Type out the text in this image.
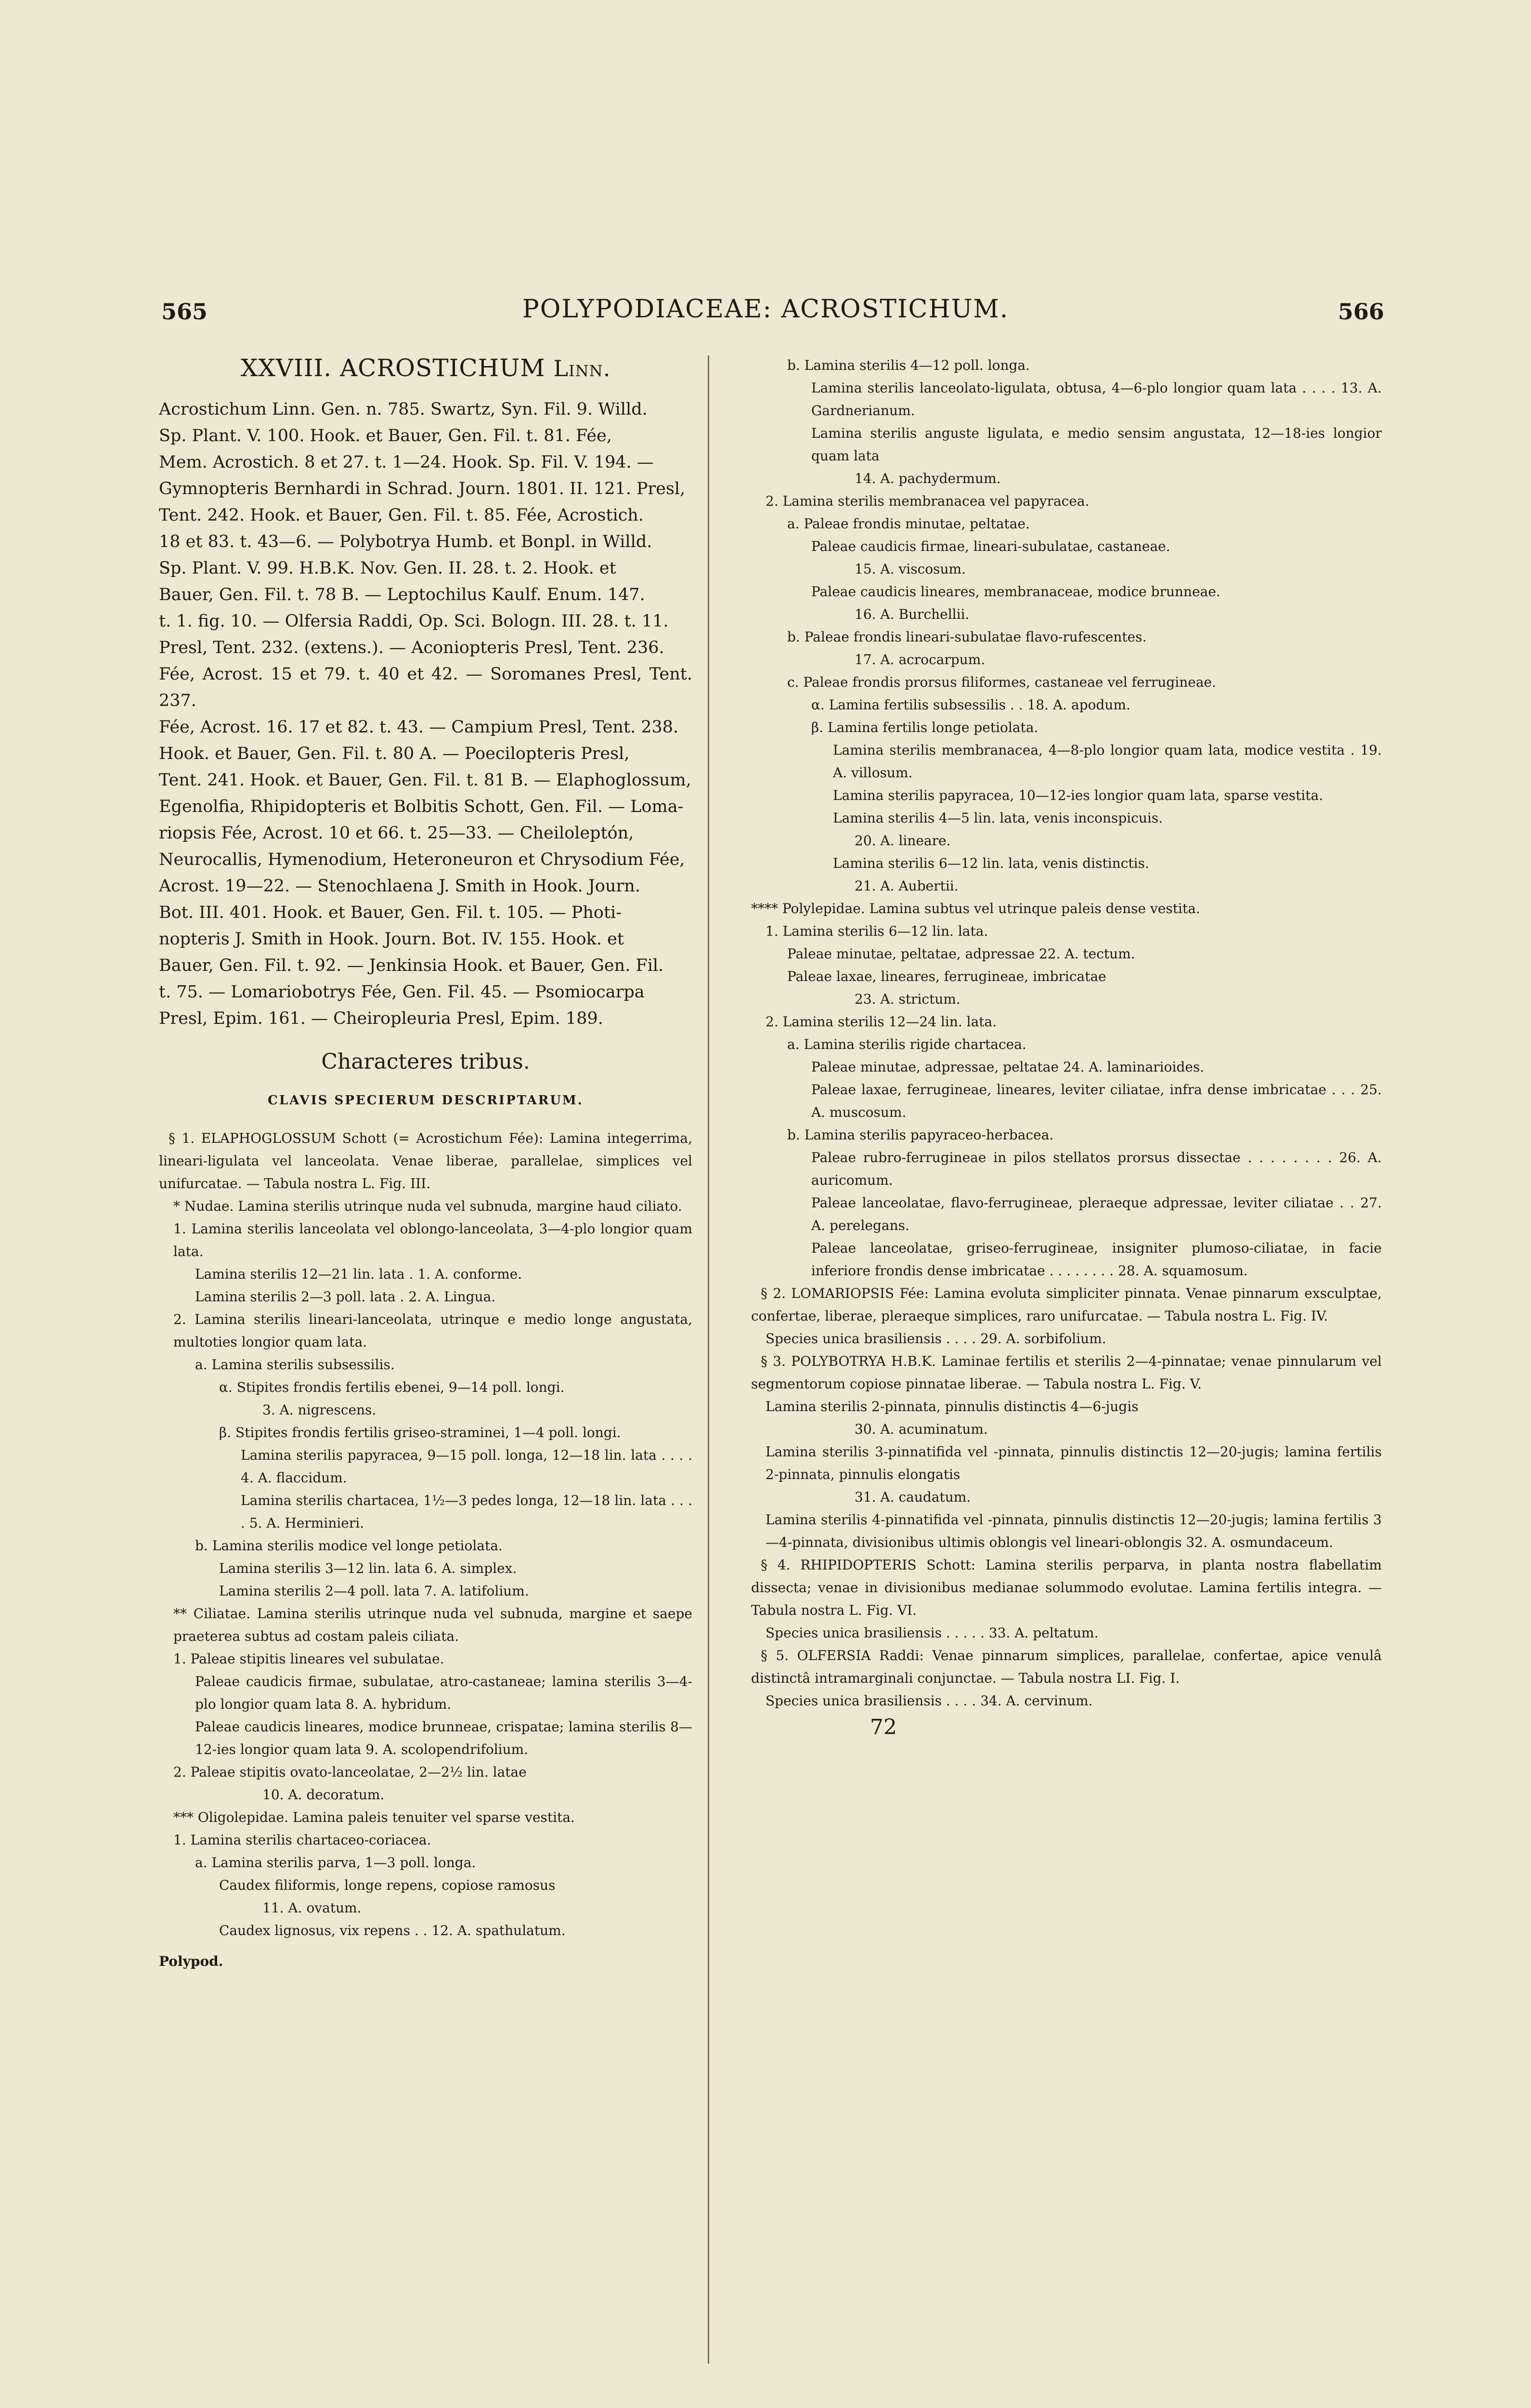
565	POLYPODIACEAE: ACROSTICHUM.	566
XXVIII. ACROSTICHUM Linn.
Acrostichum Linn. Gen. n. 785. Swartz, Syn. Fil. 9. Willd.
Sp. Plant. V. 100. Hook. et Bauer, Gen. Fil. t. 81. Fée,
Mem. Acrostich. 8 et 27. t. 1—24. Hook. Sp. Fil. V. 194. —
Gymnopteris Bernhardi in Schrad. Journ. 1801. II. 121. Presl,
Tent. 242. Hook. et Bauer, Gen. Fil. t. 85. Fée, Acrostich.
18 et 83. t. 43—6. — Polybotrya Humb. et Bonpl. in Willd.
Sp. Plant. V. 99. H.B.K. Nov. Gen. II. 28. t. 2. Hook. et
Bauer, Gen. Fil. t. 78 B. — Leptochilus Kaulf. Enum. 147.
t. 1. fig. 10. — Olfersia Raddi, Op. Sci. Bologn. III. 28. t. 11.
Presl, Tent. 232. (extens.). — Aconiopteris Presl, Tent. 236.
Fée, Acrost. 15 et 79. t. 40 et 42. — Soromanes Presl, Tent. 237.
Fée, Acrost. 16. 17 et 82. t. 43. — Campium Presl, Tent. 238.
Hook. et Bauer, Gen. Fil. t. 80 A. — Poecilopteris Presl,
Tent. 241. Hook. et Bauer, Gen. Fil. t. 81 B. — Elaphoglossum,
Egenolfia, Rhipidopteris et Bolbitis Schott, Gen. Fil. — Loma-
riopsis Fée, Acrost. 10 et 66. t. 25—33. — Cheiloleptón,
Neurocallis, Hymenodium, Heteroneuron et Chrysodium Fée,
Acrost. 19—22. — Stenochlaena J. Smith in Hook. Journ.
Bot. III. 401. Hook. et Bauer, Gen. Fil. t. 105. — Photi-
nopteris J. Smith in Hook. Journ. Bot. IV. 155. Hook. et
Bauer, Gen. Fil. t. 92. — Jenkinsia Hook. et Bauer, Gen. Fil.
t. 75. — Lomariobotrys Fée, Gen. Fil. 45. — Psomiocarpa
Presl, Epim. 161. — Cheiropleuria Presl, Epim. 189.
Characteres tribus.
CLAVIS SPECIERUM DESCRIPTARUM.
§ 1. ELAPHOGLOSSUM Schott (= Acrostichum Fée): Lamina integerrima, lineari-ligulata vel lanceolata. Venae liberae, parallelae, simplices vel unifurcatae. — Tabula nostra L. Fig. III.
* Nudae. Lamina sterilis utrinque nuda vel subnuda, margine haud ciliato.
1. Lamina sterilis lanceolata vel oblongo-lanceolata, 3—4-plo longior quam lata.
Lamina sterilis 12—21 lin. lata . 1. A. conforme.
Lamina sterilis 2—3 poll. lata . 2. A. Lingua.
2. Lamina sterilis lineari-lanceolata, utrinque e medio longe angustata, multoties longior quam lata.
a. Lamina sterilis subsessilis.
α. Stipites frondis fertilis ebenei, 9—14 poll. longi.
3. A. nigrescens.
β. Stipites frondis fertilis griseo-straminei, 1—4 poll. longi.
Lamina sterilis papyracea, 9—15 poll. longa, 12—18 lin. lata . . . . 4. A. flaccidum.
Lamina sterilis chartacea, 1½—3 pedes longa, 12—18 lin. lata . . . . 5. A. Herminieri.
b. Lamina sterilis modice vel longe petiolata.
Lamina sterilis 3—12 lin. lata 6. A. simplex.
Lamina sterilis 2—4 poll. lata 7. A. latifolium.
** Ciliatae. Lamina sterilis utrinque nuda vel subnuda, margine et saepe praeterea subtus ad costam paleis ciliata.
1. Paleae stipitis lineares vel subulatae.
Paleae caudicis firmae, subulatae, atro-castaneae; lamina sterilis 3—4-plo longior quam lata 8. A. hybridum.
Paleae caudicis lineares, modice brunneae, crispatae; lamina sterilis 8—12-ies longior quam lata 9. A. scolopendrifolium.
2. Paleae stipitis ovato-lanceolatae, 2—2½ lin. latae
10. A. decoratum.
*** Oligolepidae. Lamina paleis tenuiter vel sparse vestita.
1. Lamina sterilis chartaceo-coriacea.
a. Lamina sterilis parva, 1—3 poll. longa.
Caudex filiformis, longe repens, copiose ramosus
11. A. ovatum.
Caudex lignosus, vix repens . . 12. A. spathulatum.
Polypod.
b. Lamina sterilis 4—12 poll. longa.
Lamina sterilis lanceolato-ligulata, obtusa, 4—6-plo longior quam lata . . . . 13. A. Gardnerianum.
Lamina sterilis anguste ligulata, e medio sensim angustata, 12—18-ies longior quam lata
14. A. pachydermum.
2. Lamina sterilis membranacea vel papyracea.
a. Paleae frondis minutae, peltatae.
Paleae caudicis firmae, lineari-subulatae, castaneae.
15. A. viscosum.
Paleae caudicis lineares, membranaceae, modice brunneae.
16. A. Burchellii.
b. Paleae frondis lineari-subulatae flavo-rufescentes.
17. A. acrocarpum.
c. Paleae frondis prorsus filiformes, castaneae vel ferrugineae.
α. Lamina fertilis subsessilis . . 18. A. apodum.
β. Lamina fertilis longe petiolata.
Lamina sterilis membranacea, 4—8-plo longior quam lata, modice vestita . 19. A. villosum.
Lamina sterilis papyracea, 10—12-ies longior quam lata, sparse vestita.
Lamina sterilis 4—5 lin. lata, venis inconspicuis.
20. A. lineare.
Lamina sterilis 6—12 lin. lata, venis distinctis.
21. A. Aubertii.
**** Polylepidae. Lamina subtus vel utrinque paleis dense vestita.
1. Lamina sterilis 6—12 lin. lata.
Paleae minutae, peltatae, adpressae 22. A. tectum.
Paleae laxae, lineares, ferrugineae, imbricatae
23. A. strictum.
2. Lamina sterilis 12—24 lin. lata.
a. Lamina sterilis rigide chartacea.
Paleae minutae, adpressae, peltatae 24. A. laminarioides.
Paleae laxae, ferrugineae, lineares, leviter ciliatae, infra dense imbricatae . . . 25. A. muscosum.
b. Lamina sterilis papyraceo-herbacea.
Paleae rubro-ferrugineae in pilos stellatos prorsus dissectae . . . . . . . . 26. A. auricomum.
Paleae lanceolatae, flavo-ferrugineae, pleraeque adpressae, leviter ciliatae . . 27. A. perelegans.
Paleae lanceolatae, griseo-ferrugineae, insigniter plumoso-ciliatae, in facie inferiore frondis dense imbricatae . . . . . . . . 28. A. squamosum.
§ 2. LOMARIOPSIS Fée: Lamina evoluta simpliciter pinnata. Venae pinnarum exsculptae, confertae, liberae, pleraeque simplices, raro unifurcatae. — Tabula nostra L. Fig. IV.
Species unica brasiliensis . . . . 29. A. sorbifolium.
§ 3. POLYBOTRYA H.B.K. Laminae fertilis et sterilis 2—4-pinnatae; venae pinnularum vel segmentorum copiose pinnatae liberae. — Tabula nostra L. Fig. V.
Lamina sterilis 2-pinnata, pinnulis distinctis 4—6-jugis
30. A. acuminatum.
Lamina sterilis 3-pinnatifida vel -pinnata, pinnulis distinctis 12—20-jugis; lamina fertilis 2-pinnata, pinnulis elongatis
31. A. caudatum.
Lamina sterilis 4-pinnatifida vel -pinnata, pinnulis distinctis 12—20-jugis; lamina fertilis 3—4-pinnata, divisionibus ultimis oblongis vel lineari-oblongis 32. A. osmundaceum.
§ 4. RHIPIDOPTERIS Schott: Lamina sterilis perparva, in planta nostra flabellatim dissecta; venae in divisionibus medianae solummodo evolutae. Lamina fertilis integra. — Tabula nostra L. Fig. VI.
Species unica brasiliensis . . . . . 33. A. peltatum.
§ 5. OLFERSIA Raddi: Venae pinnarum simplices, parallelae, confertae, apice venulâ distinctâ intramarginali conjunctae. — Tabula nostra LI. Fig. I.
Species unica brasiliensis . . . . 34. A. cervinum.
72
